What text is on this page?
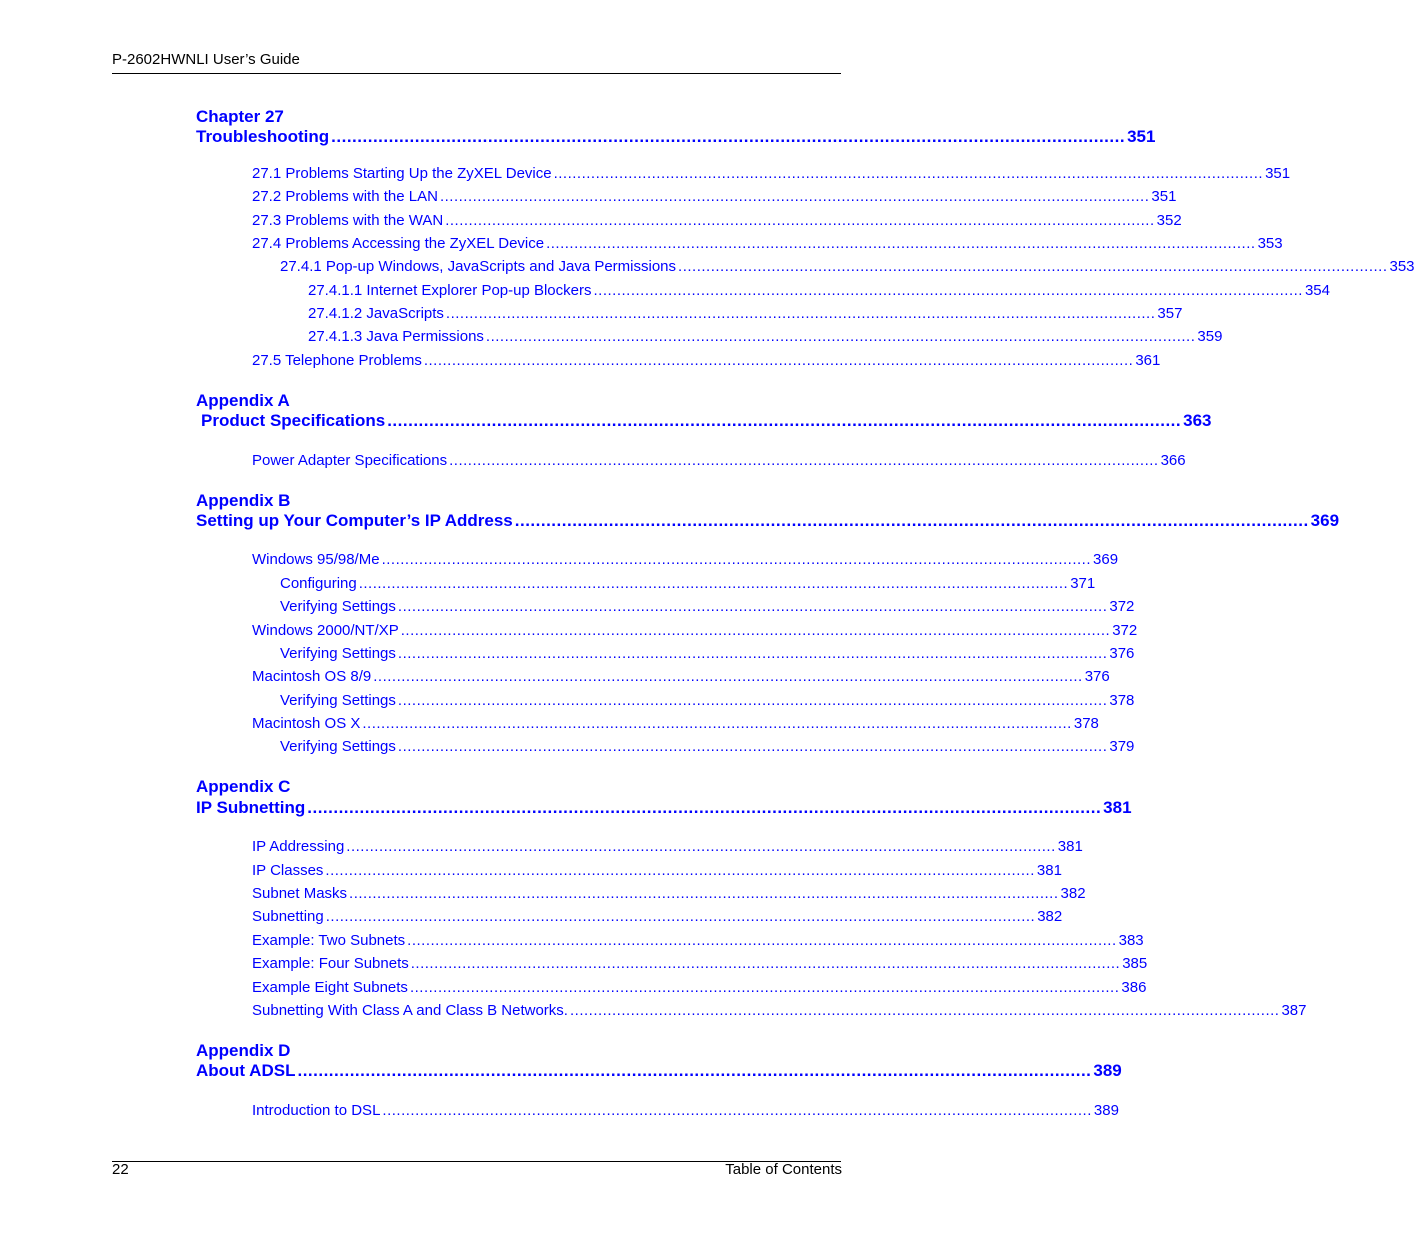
P-2602HWNLI User’s Guide
Chapter 27
Troubleshooting ........................................................................................................................................................ 351
27.1 Problems Starting Up the ZyXEL Device ........................................................................................................................................................ 351
27.2 Problems with the LAN ........................................................................................................................................................ 351
27.3 Problems with the WAN ........................................................................................................................................................ 352
27.4 Problems Accessing the ZyXEL Device ........................................................................................................................................................ 353
27.4.1 Pop-up Windows, JavaScripts and Java Permissions ........................................................................................................................................................ 353
27.4.1.1 Internet Explorer Pop-up Blockers ........................................................................................................................................................ 354
27.4.1.2 JavaScripts ........................................................................................................................................................ 357
27.4.1.3 Java Permissions ........................................................................................................................................................ 359
27.5 Telephone Problems ........................................................................................................................................................ 361
Appendix A
Product Specifications ........................................................................................................................................................ 363
Power Adapter Specifications ........................................................................................................................................................ 366
Appendix B
Setting up Your Computer’s IP Address ........................................................................................................................................................ 369
Windows 95/98/Me ........................................................................................................................................................ 369
Configuring ........................................................................................................................................................ 371
Verifying Settings ........................................................................................................................................................ 372
Windows 2000/NT/XP ........................................................................................................................................................ 372
Verifying Settings ........................................................................................................................................................ 376
Macintosh OS 8/9 ........................................................................................................................................................ 376
Verifying Settings ........................................................................................................................................................ 378
Macintosh OS X ........................................................................................................................................................ 378
Verifying Settings ........................................................................................................................................................ 379
Appendix C
IP Subnetting ........................................................................................................................................................ 381
IP Addressing ........................................................................................................................................................ 381
IP Classes ........................................................................................................................................................ 381
Subnet Masks ........................................................................................................................................................ 382
Subnetting ........................................................................................................................................................ 382
Example: Two Subnets ........................................................................................................................................................ 383
Example: Four Subnets ........................................................................................................................................................ 385
Example Eight Subnets ........................................................................................................................................................ 386
Subnetting With Class A and Class B Networks. ........................................................................................................................................................ 387
Appendix D
About ADSL ........................................................................................................................................................ 389
Introduction to DSL ........................................................................................................................................................ 389
22	Table of Contents
